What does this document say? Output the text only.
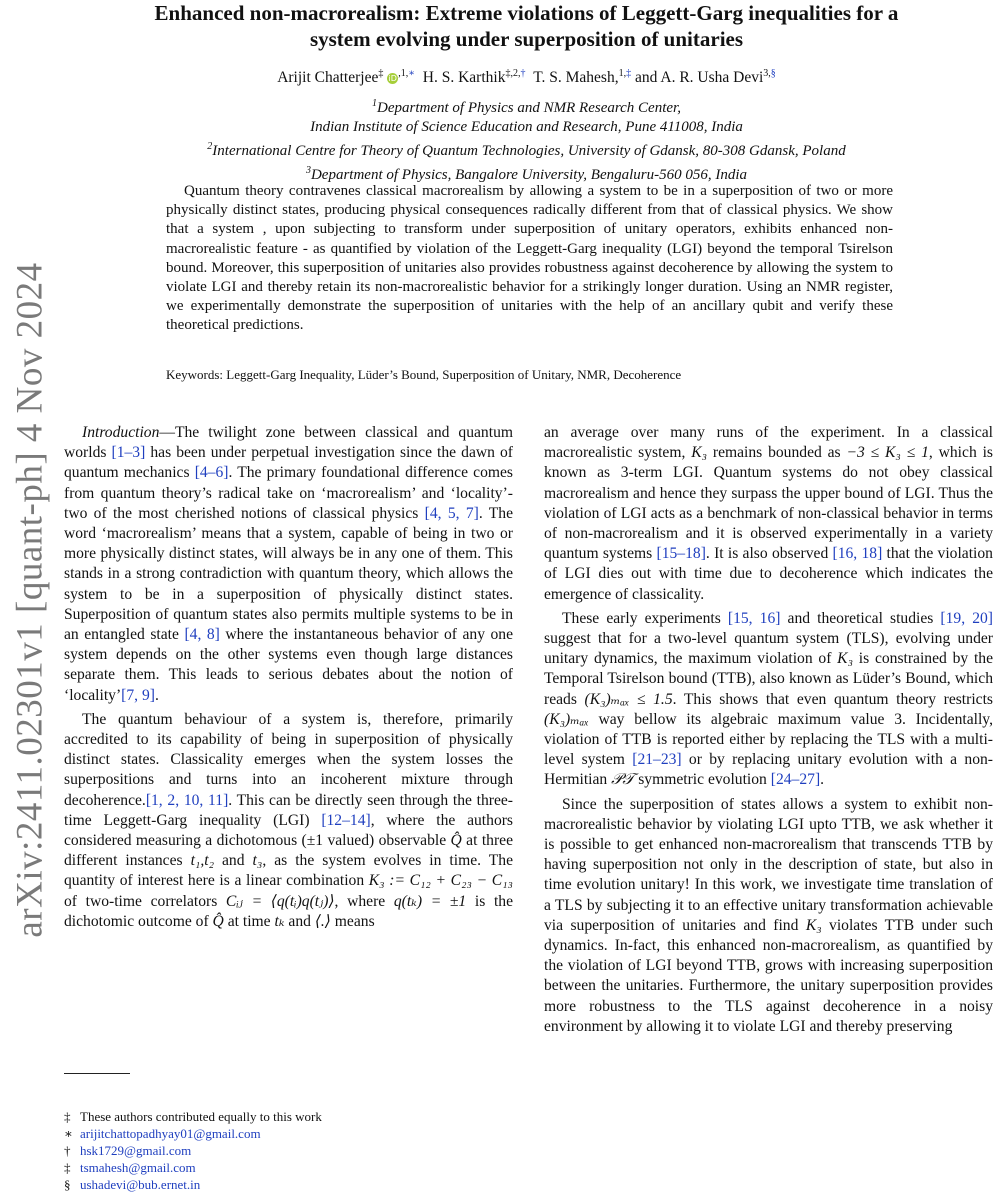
arXiv:2411.02301v1 [quant-ph] 4 Nov 2024
Enhanced non-macrorealism: Extreme violations of Leggett-Garg inequalities for a
system evolving under superposition of unitaries
Arijit Chatterjee‡ $iD^{,1,∗}$ H. S. Karthik$^{\ddagger,2,\dagger}$ T. S. Mahesh,$^{1,\ddagger}$ and A. R. Usha Devi$^{3,\S}$
$^1$Department of Physics and NMR Research Center,
Indian Institute of Science Education and Research, Pune 411008, India
$^2$International Centre for Theory of Quantum Technologies, University of Gdansk, 80-308 Gdansk, Poland
$^3$Department of Physics, Bangalore University, Bengaluru-560 056, India

Quantum theory contravenes classical macrorealism by allowing a system to be in a superposition of two or more physically distinct states, producing physical consequences radically different from that of classical physics. We show that a system , upon subjecting to transform under superposition of unitary operators, exhibits enhanced non-macrorealistic feature - as quantified by violation of the Leggett-Garg inequality (LGI) beyond the temporal Tsirelson bound. Moreover, this superposition of unitaries also provides robustness against decoherence by allowing the system to violate LGI and thereby retain its non-macrorealistic behavior for a strikingly longer duration. Using an NMR register, we experimentally demonstrate the superposition of unitaries with the help of an ancillary qubit and verify these theoretical predictions.

Keywords: Leggett-Garg Inequality, Lüder’s Bound, Superposition of Unitary, NMR, Decoherence

Introduction—The twilight zone between classical and quantum worlds [1–3] has been under perpetual investigation since the dawn of quantum mechanics [4–6]. The primary foundational difference comes from quantum theory’s radical take on ‘macrorealism’ and ‘locality’- two of the most cherished notions of classical physics [4, 5, 7]. The word ‘macrorealism’ means that a system, capable of being in two or more physically distinct states, will always be in any one of them. This stands in a strong contradiction with quantum theory, which allows the system to be in a superposition of physically distinct states. Superposition of quantum states also permits multiple systems to be in an entangled state [4, 8] where the instantaneous behavior of any one system depends on the other systems even though large distances separate them. This leads to serious debates about the notion of ‘locality’[7, 9].

The quantum behaviour of a system is, therefore, primarily accredited to its capability of being in superposition of physically distinct states. Classicality emerges when the system losses the superpositions and turns into an incoherent mixture through decoherence.[1, 2, 10, 11]. This can be directly seen through the three-time Leggett-Garg inequality (LGI) [12–14], where the authors considered measuring a dichotomous (±1 valued) observable Q̂ at three different instances t₁,t₂ and t₃, as the system evolves in time. The quantity of interest here is a linear combination K₃ := C₁₂ + C₂₃ − C₁₃ of two-time correlators Cᵢⱼ = ⟨q(tᵢ)q(tⱼ)⟩, where q(tₖ) = ±1 is the dichotomic outcome of Q̂ at time tₖ and ⟨.⟩ means

an average over many runs of the experiment. In a classical macrorealistic system, K₃ remains bounded as −3 ≤ K₃ ≤ 1, which is known as 3-term LGI. Quantum systems do not obey classical macrorealism and hence they surpass the upper bound of LGI. Thus the violation of LGI acts as a benchmark of non-classical behavior in terms of non-macrorealism and it is observed experimentally in a variety quantum systems [15–18]. It is also observed [16, 18] that the violation of LGI dies out with time due to decoherence which indicates the emergence of classicality.

These early experiments [15, 16] and theoretical studies [19, 20] suggest that for a two-level quantum system (TLS), evolving under unitary dynamics, the maximum violation of K₃ is constrained by the Temporal Tsirelson bound (TTB), also known as Lüder’s Bound, which reads (K₃)ₘₐₓ ≤ 1.5. This shows that even quantum theory restricts (K₃)ₘₐₓ way bellow its algebraic maximum value 3. Incidentally, violation of TTB is reported either by replacing the TLS with a multi-level system [21–23] or by replacing unitary evolution with a non-Hermitian 𝒫𝒯 symmetric evolution [24–27].

Since the superposition of states allows a system to exhibit non-macrorealistic behavior by violating LGI upto TTB, we ask whether it is possible to get enhanced non-macrorealism that transcends TTB by having superposition not only in the description of state, but also in time evolution unitary! In this work, we investigate time translation of a TLS by subjecting it to an effective unitary transformation achievable via superposition of unitaries and find K₃ violates TTB under such dynamics. In-fact, this enhanced non-macrorealism, as quantified by the violation of LGI beyond TTB, grows with increasing superposition between the unitaries. Furthermore, the unitary superposition provides more robustness to the TLS against decoherence in a noisy environment by allowing it to violate LGI and thereby preserving

‡ These authors contributed equally to this work
∗ arijitchattopadhyay01@gmail.com
† hsk1729@gmail.com
‡ tsmahesh@gmail.com
§ ushadevi@bub.ernet.in
